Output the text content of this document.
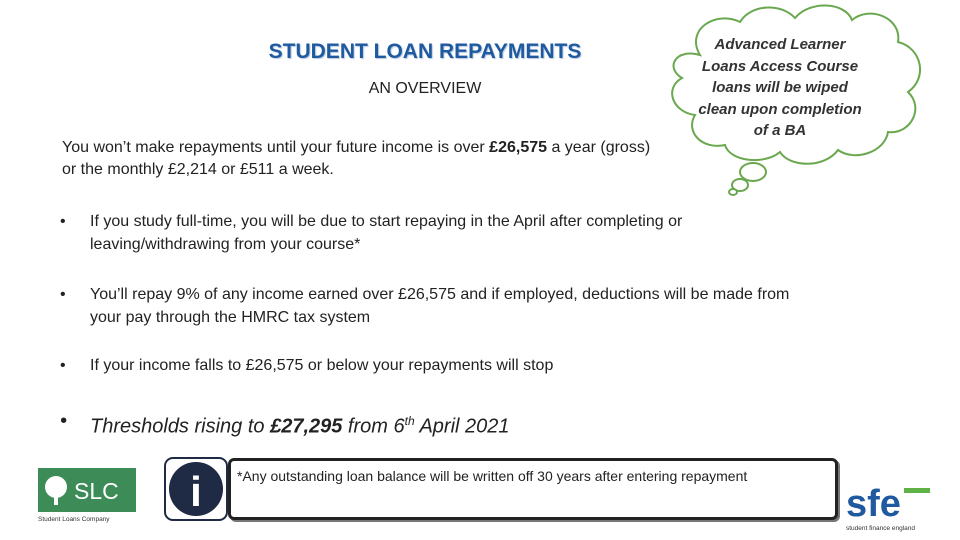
STUDENT LOAN REPAYMENTS
AN OVERVIEW
You won’t make repayments until your future income is over £26,575 a year (gross) or the monthly £2,214 or £511 a week.
Advanced Learner Loans Access Course loans will be wiped clean upon completion of a BA
•	If you study full-time, you will be due to start repaying in the April after completing or leaving/withdrawing from your course*
•	You’ll repay 9% of any income earned over £26,575 and if employed, deductions will be made from your pay through the HMRC tax system
•	If your income falls to £26,575 or below your repayments will stop
•	Thresholds rising to £27,295 from 6th April 2021
SLC
Student Loans Company
i	*Any outstanding loan balance will be written off 30 years after entering repayment
sfe
student finance england
